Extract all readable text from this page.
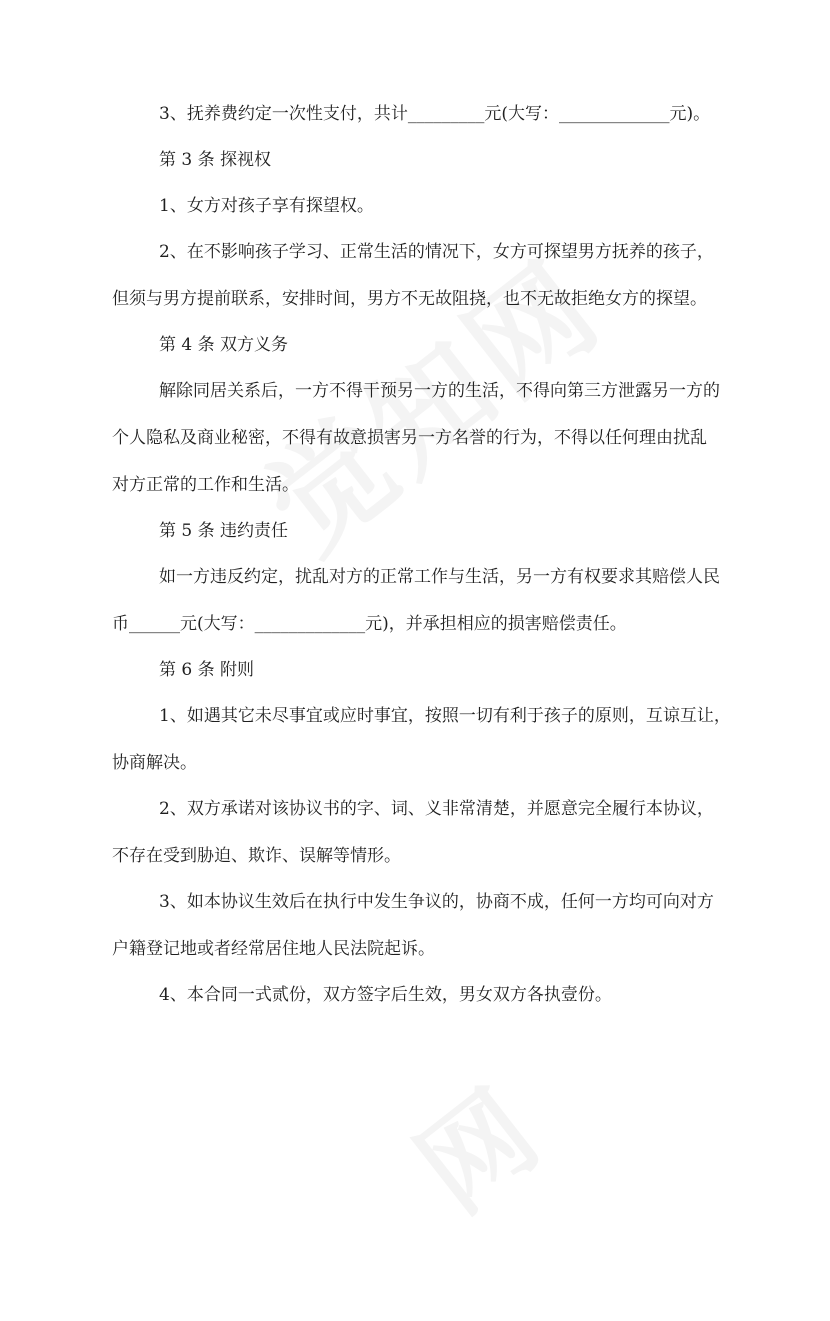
3、抚养费约定一次性支付，共计_________元(大写：_____________元)。
第 3 条 探视权
1、女方对孩子享有探望权。
2、在不影响孩子学习、正常生活的情况下，女方可探望男方抚养的孩子，
但须与男方提前联系，安排时间，男方不无故阻挠，也不无故拒绝女方的探望。
第 4 条 双方义务
解除同居关系后，一方不得干预另一方的生活，不得向第三方泄露另一方的
个人隐私及商业秘密，不得有故意损害另一方名誉的行为，不得以任何理由扰乱
对方正常的工作和生活。
第 5 条 违约责任
如一方违反约定，扰乱对方的正常工作与生活，另一方有权要求其赔偿人民
币______元(大写：_____________元)，并承担相应的损害赔偿责任。
第 6 条 附则
1、如遇其它未尽事宜或应时事宜，按照一切有利于孩子的原则，互谅互让，
协商解决。
2、双方承诺对该协议书的字、词、义非常清楚，并愿意完全履行本协议，
不存在受到胁迫、欺诈、误解等情形。
3、如本协议生效后在执行中发生争议的，协商不成，任何一方均可向对方
户籍登记地或者经常居住地人民法院起诉。
4、本合同一式贰份，双方签字后生效，男女双方各执壹份。
